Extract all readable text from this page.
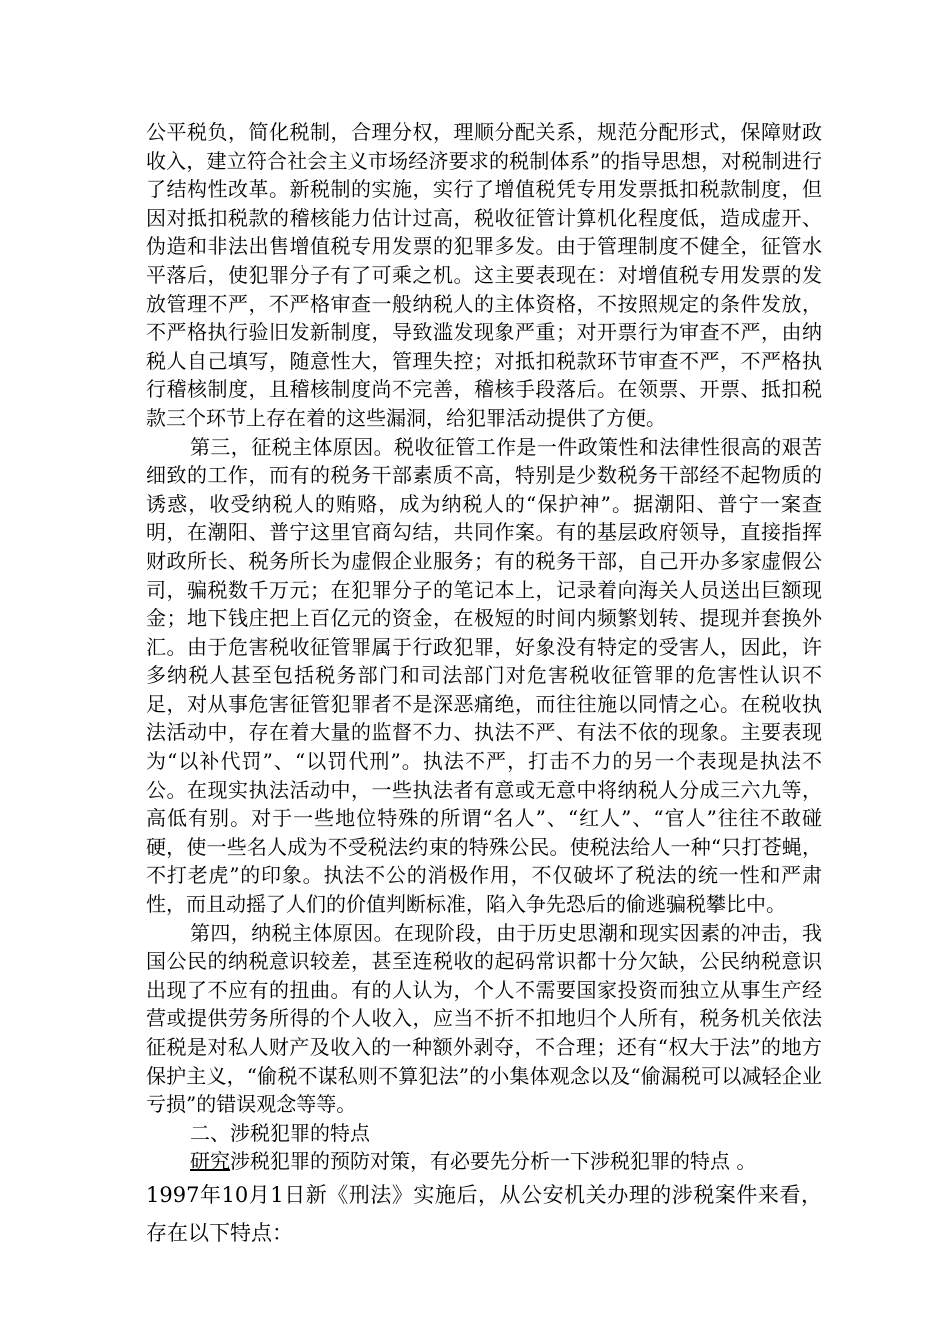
公平税负，简化税制，合理分权，理顺分配关系，规范分配形式，保障财政收入，建立符合社会主义市场经济要求的税制体系”的指导思想，对税制进行了结构性改革。新税制的实施，实行了增值税凭专用发票抵扣税款制度，但因对抵扣税款的稽核能力估计过高，税收征管计算机化程度低，造成虚开、伪造和非法出售增值税专用发票的犯罪多发。由于管理制度不健全，征管水平落后，使犯罪分子有了可乘之机。这主要表现在：对增值税专用发票的发放管理不严，不严格审查一般纳税人的主体资格，不按照规定的条件发放，不严格执行验旧发新制度，导致滥发现象严重；对开票行为审查不严，由纳税人自己填写，随意性大，管理失控；对抵扣税款环节审查不严，不严格执行稽核制度，且稽核制度尚不完善，稽核手段落后。在领票、开票、抵扣税款三个环节上存在着的这些漏洞，给犯罪活动提供了方便。

第三，征税主体原因。税收征管工作是一件政策性和法律性很高的艰苦细致的工作，而有的税务干部素质不高，特别是少数税务干部经不起物质的诱惑，收受纳税人的贿赂，成为纳税人的“保护神”。据潮阳、普宁一案查明，在潮阳、普宁这里官商勾结，共同作案。有的基层政府领导，直接指挥财政所长、税务所长为虚假企业服务；有的税务干部，自己开办多家虚假公司，骗税数千万元；在犯罪分子的笔记本上，记录着向海关人员送出巨额现金；地下钱庄把上百亿元的资金，在极短的时间内频繁划转、提现并套换外汇。由于危害税收征管罪属于行政犯罪，好象没有特定的受害人，因此，许多纳税人甚至包括税务部门和司法部门对危害税收征管罪的危害性认识不足，对从事危害征管犯罪者不是深恶痛绝，而往往施以同情之心。在税收执法活动中，存在着大量的监督不力、执法不严、有法不依的现象。主要表现为“以补代罚”、“以罚代刑”。执法不严，打击不力的另一个表现是执法不公。在现实执法活动中，一些执法者有意或无意中将纳税人分成三六九等，高低有别。对于一些地位特殊的所谓“名人”、“红人”、“官人”往往不敢碰硬，使一些名人成为不受税法约束的特殊公民。使税法给人一种“只打苍蝇，不打老虎”的印象。执法不公的消极作用，不仅破坏了税法的统一性和严肃性，而且动摇了人们的价值判断标准，陷入争先恐后的偷逃骗税攀比中。

第四，纳税主体原因。在现阶段，由于历史思潮和现实因素的冲击，我国公民的纳税意识较差，甚至连税收的起码常识都十分欠缺，公民纳税意识出现了不应有的扭曲。有的人认为，个人不需要国家投资而独立从事生产经营或提供劳务所得的个人收入，应当不折不扣地归个人所有，税务机关依法征税是对私人财产及收入的一种额外剥夺，不合理；还有“权大于法”的地方保护主义，“偷税不谋私则不算犯法”的小集体观念以及“偷漏税可以减轻企业亏损”的错误观念等等。

二、涉税犯罪的特点

研究涉税犯罪的预防对策，有必要先分析一下涉税犯罪的特点 。

1997年10月1日新《刑法》实施后，从公安机关办理的涉税案件来看，存在以下特点：
